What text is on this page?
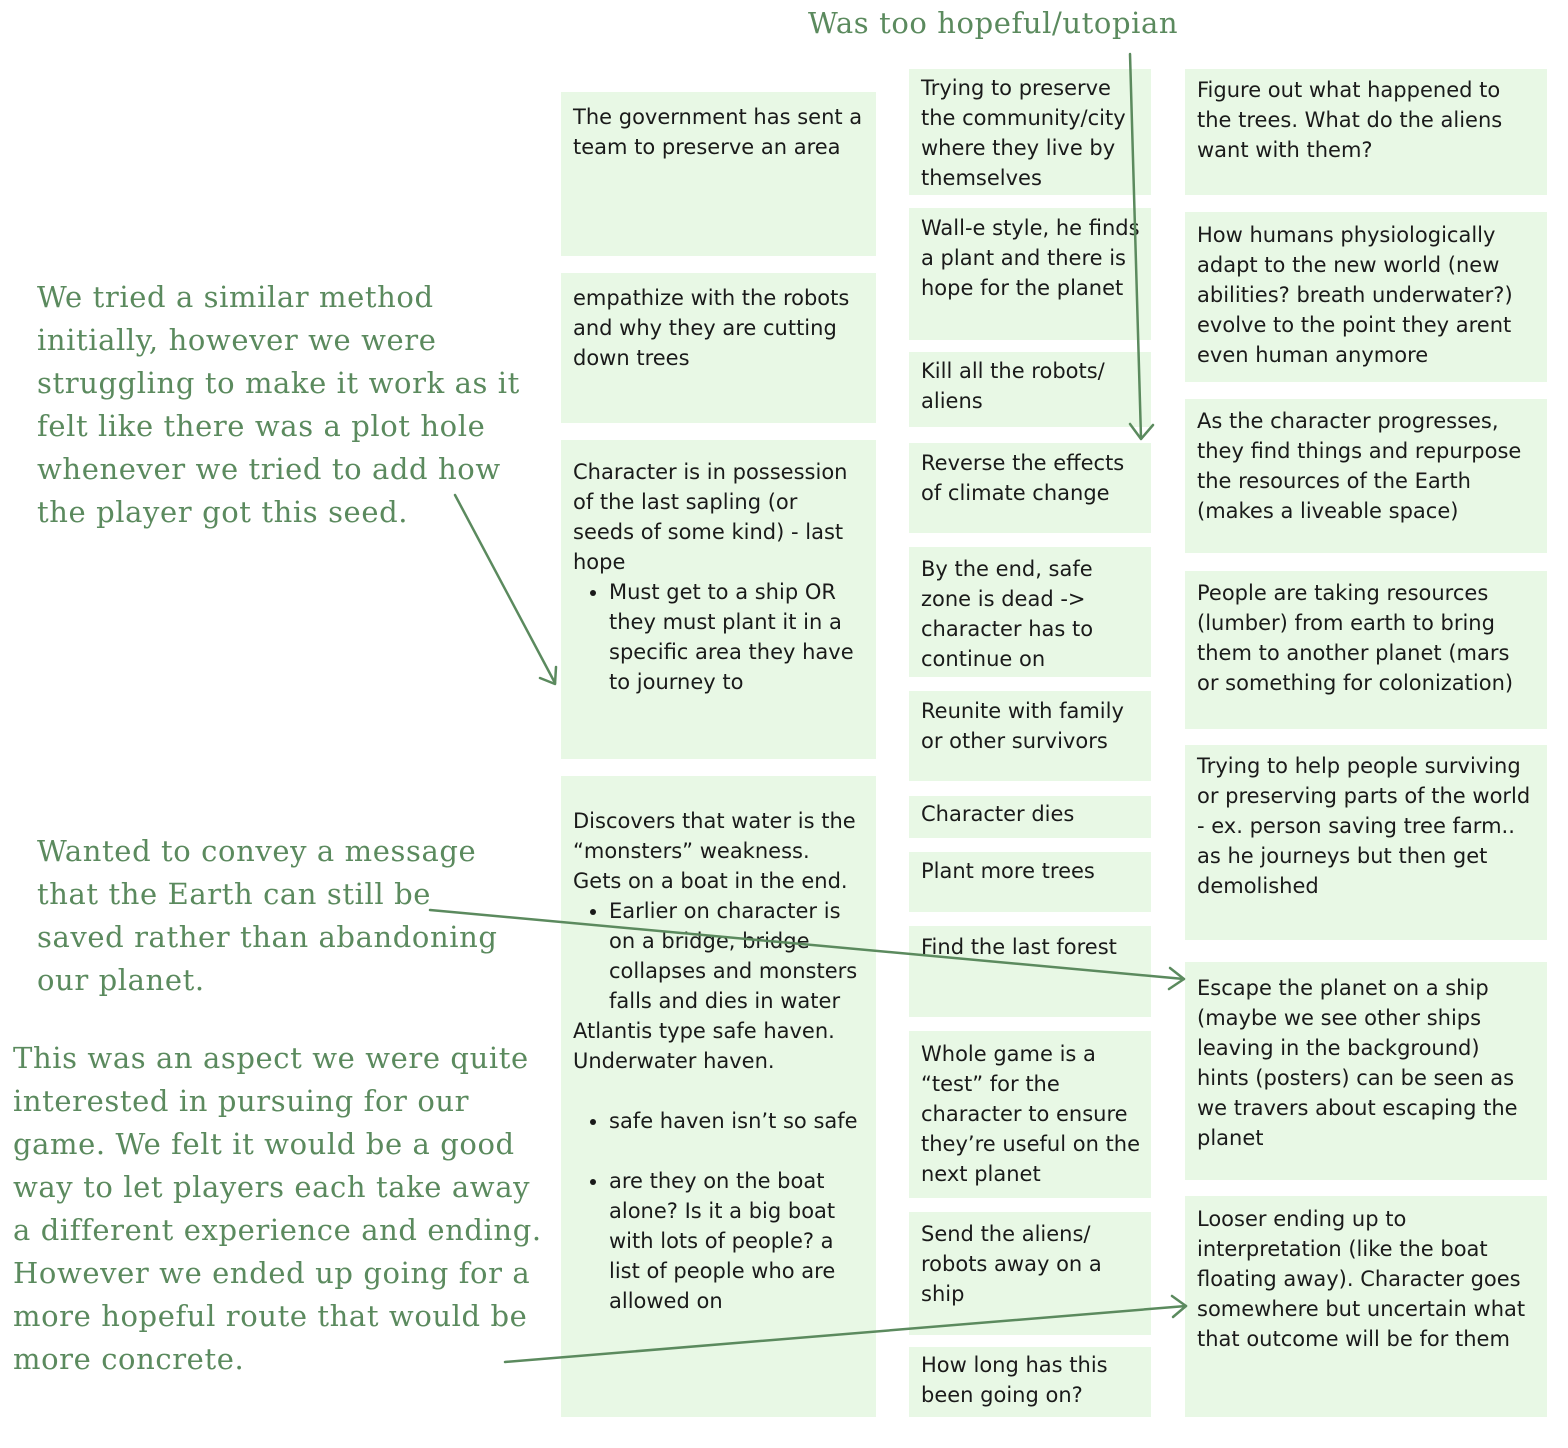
Was too hopeful/utopian

We tried a similar method initially, however we were struggling to make it work as it felt like there was a plot hole whenever we tried to add how the player got this seed.

Wanted to convey a message that the Earth can still be saved rather than abandoning our planet.

This was an aspect we were quite interested in pursuing for our game. We felt it would be a good way to let players each take away a different experience and ending. However we ended up going for a more hopeful route that would be more concrete.

The government has sent a team to preserve an area

empathize with the robots and why they are cutting down trees

Character is in possession of the last sapling (or seeds of some kind) - last hope

• Must get to a ship OR they must plant it in a specific area they have to journey to

Discovers that water is the “monsters” weakness. Gets on a boat in the end.

• Earlier on character is on a bridge, bridge collapses and monsters falls and dies in water

Atlantis type safe haven. Underwater haven.

• safe haven isn’t so safe
• are they on the boat alone? Is it a big boat with lots of people? a list of people who are allowed on

Trying to preserve the community/city where they live by themselves

Wall-e style, he finds a plant and there is hope for the planet

Kill all the robots/ aliens

Reverse the effects of climate change

By the end, safe zone is dead -> character has to continue on

Reunite with family or other survivors

Character dies

Plant more trees

Find the last forest

Whole game is a “test” for the character to ensure they’re useful on the next planet

Send the aliens/ robots away on a ship

How long has this been going on?

Figure out what happened to the trees. What do the aliens want with them?

How humans physiologically adapt to the new world (new abilities? breath underwater?) evolve to the point they arent even human anymore

As the character progresses, they find things and repurpose the resources of the Earth (makes a liveable space)

People are taking resources (lumber) from earth to bring them to another planet (mars or something for colonization)

Trying to help people surviving or preserving parts of the world - ex. person saving tree farm.. as he journeys but then get demolished

Escape the planet on a ship (maybe we see other ships leaving in the background) hints (posters) can be seen as we travers about escaping the planet

Looser ending up to interpretation (like the boat floating away). Character goes somewhere but uncertain what that outcome will be for them
